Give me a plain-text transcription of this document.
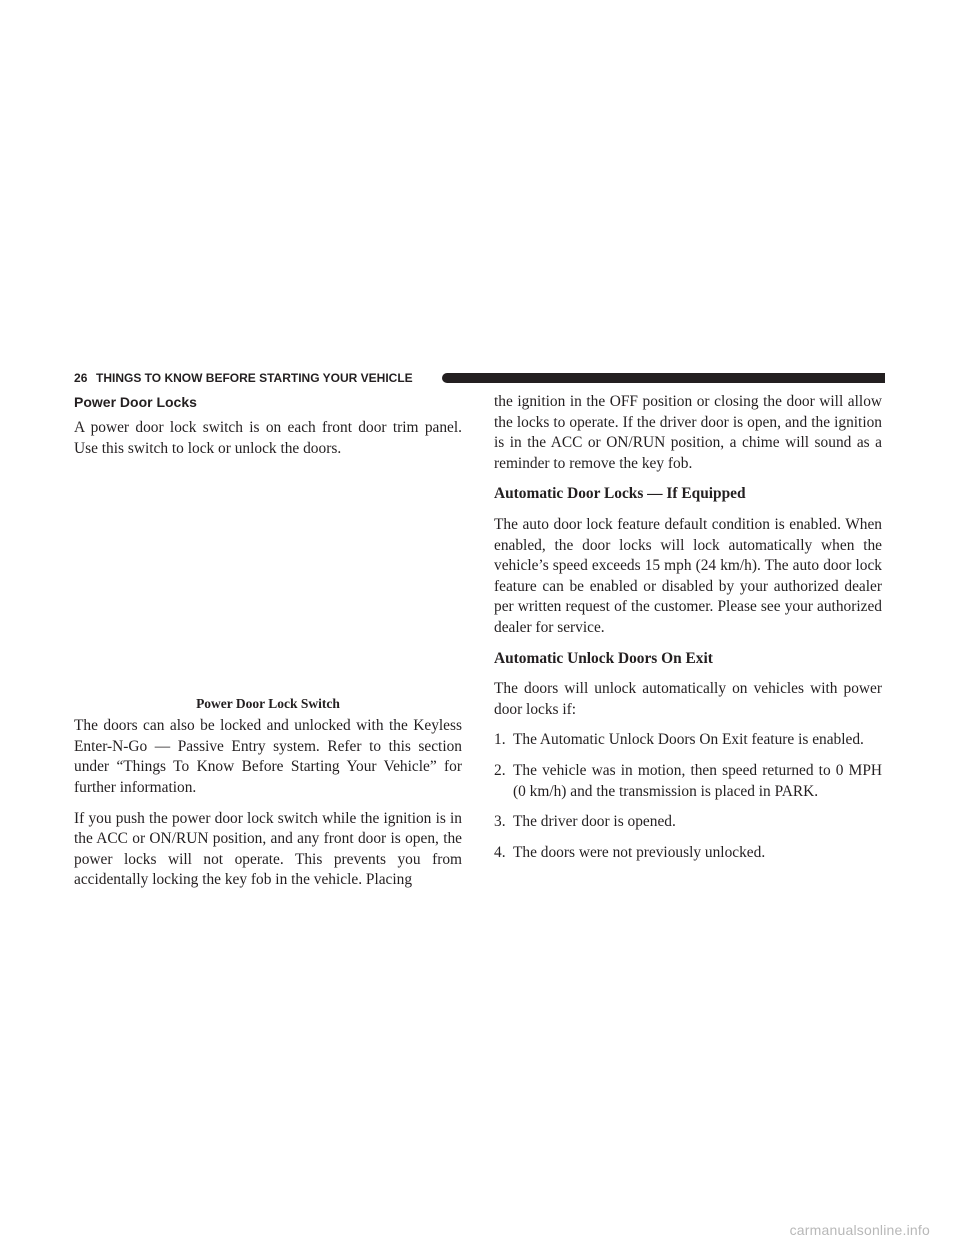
26 THINGS TO KNOW BEFORE STARTING YOUR VEHICLE
Power Door Locks

A power door lock switch is on each front door trim panel. Use this switch to lock or unlock the doors.

Power Door Lock Switch

The doors can also be locked and unlocked with the Keyless Enter-N-Go — Passive Entry system. Refer to this section under “Things To Know Before Starting Your Vehicle” for further information.

If you push the power door lock switch while the ignition is in the ACC or ON/RUN position, and any front door is open, the power locks will not operate. This prevents you from accidentally locking the key fob in the vehicle. Placing

the ignition in the OFF position or closing the door will allow the locks to operate. If the driver door is open, and the ignition is in the ACC or ON/RUN position, a chime will sound as a reminder to remove the key fob.

Automatic Door Locks — If Equipped

The auto door lock feature default condition is enabled. When enabled, the door locks will lock automatically when the vehicle’s speed exceeds 15 mph (24 km/h). The auto door lock feature can be enabled or disabled by your authorized dealer per written request of the customer. Please see your authorized dealer for service.

Automatic Unlock Doors On Exit

The doors will unlock automatically on vehicles with power door locks if:

1. The Automatic Unlock Doors On Exit feature is enabled.
2. The vehicle was in motion, then speed returned to 0 MPH (0 km/h) and the transmission is placed in PARK.
3. The driver door is opened.
4. The doors were not previously unlocked.
carmanualsonline.info
